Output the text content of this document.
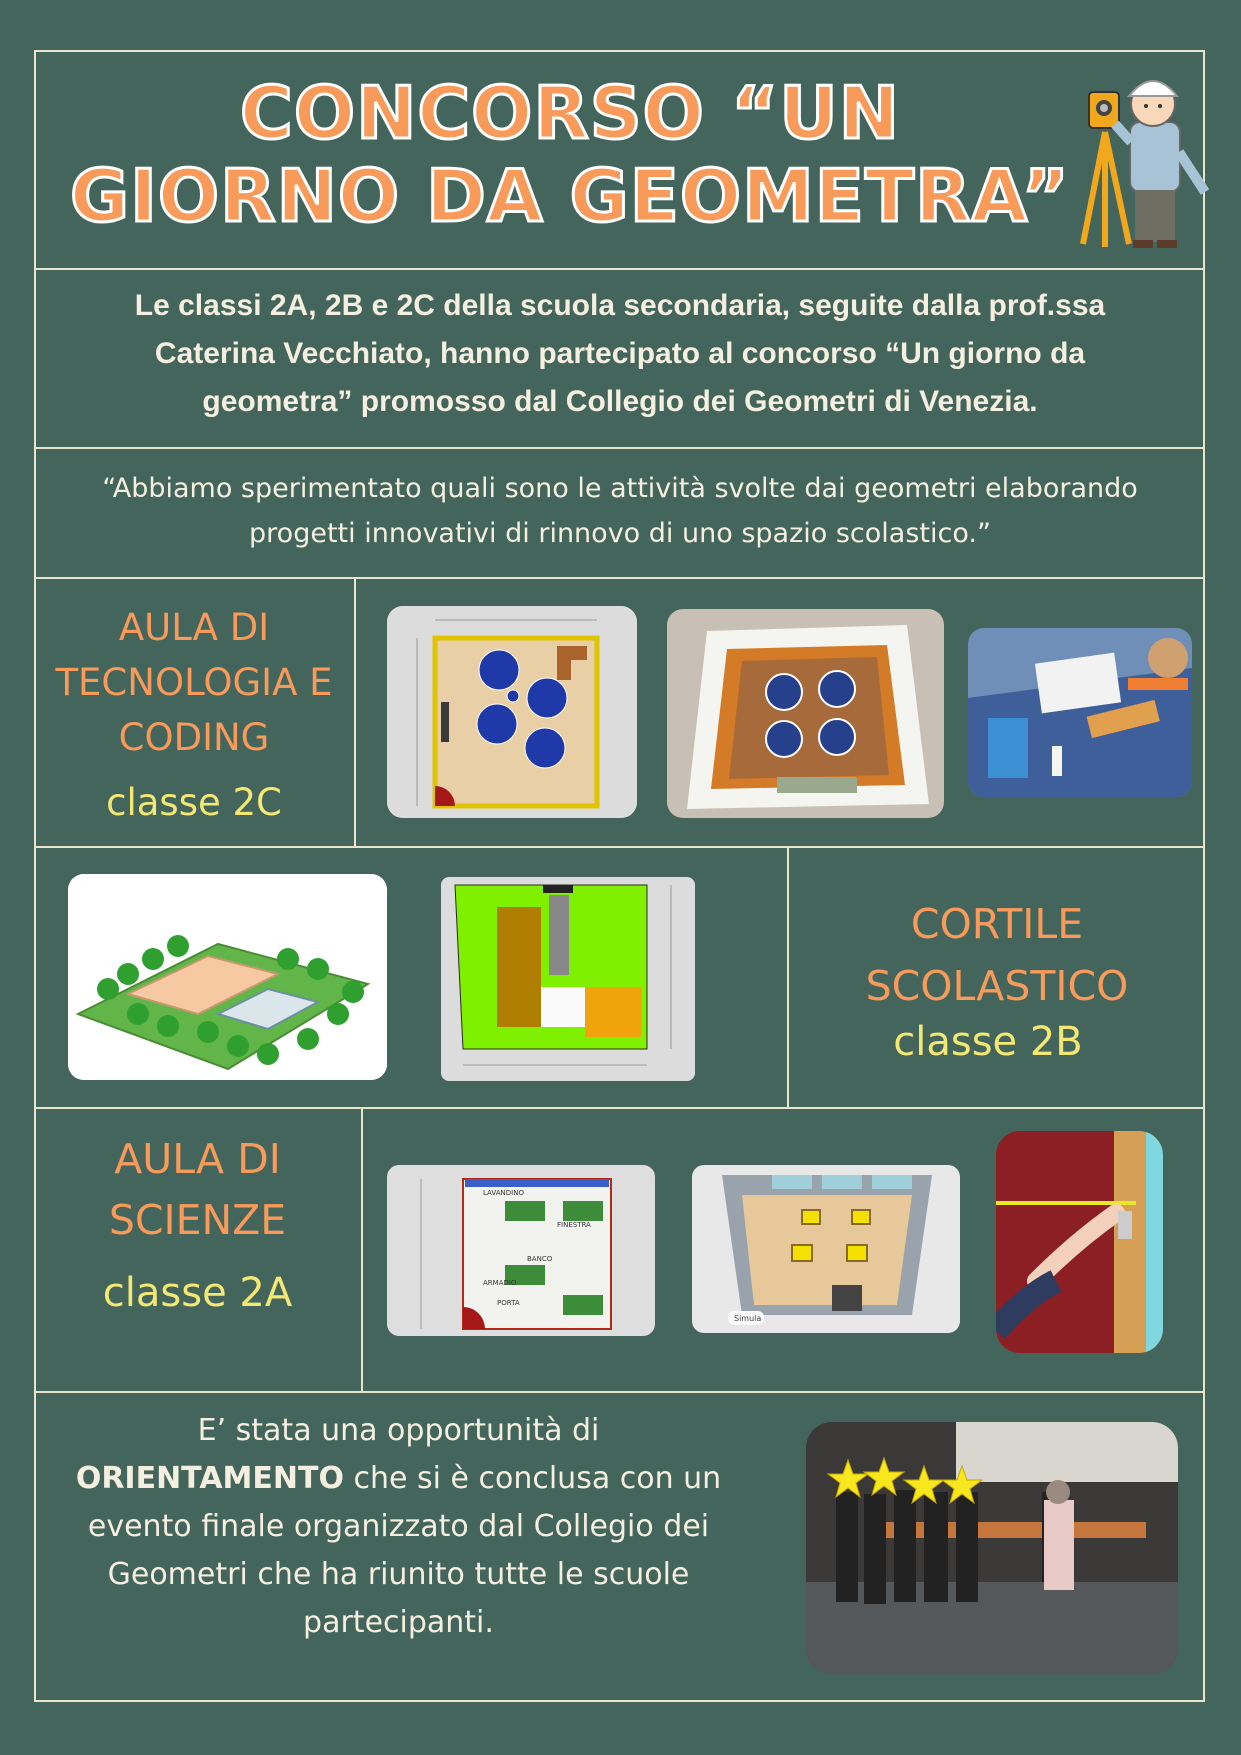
CONCORSO “UN
GIORNO DA GEOMETRA”
Le classi 2A, 2B e 2C della scuola secondaria, seguite dalla prof.ssa
Caterina Vecchiato, hanno partecipato al concorso “Un giorno da
geometra” promosso dal Collegio dei Geometri di Venezia.
“Abbiamo sperimentato quali sono le attività svolte dai geometri elaborando
progetti innovativi di rinnovo di uno spazio scolastico.”
AULA DI
TECNOLOGIA E
CODING
classe 2C
CORTILE
SCOLASTICO
classe 2B
AULA DI
SCIENZE
classe 2A
LAVANDINO
BANCO
FINESTRA
ARMADIO
PORTA
Simula
E’ stata una opportunità di
ORIENTAMENTO che si è conclusa con un
evento finale organizzato dal Collegio dei
Geometri che ha riunito tutte le scuole
partecipanti.
